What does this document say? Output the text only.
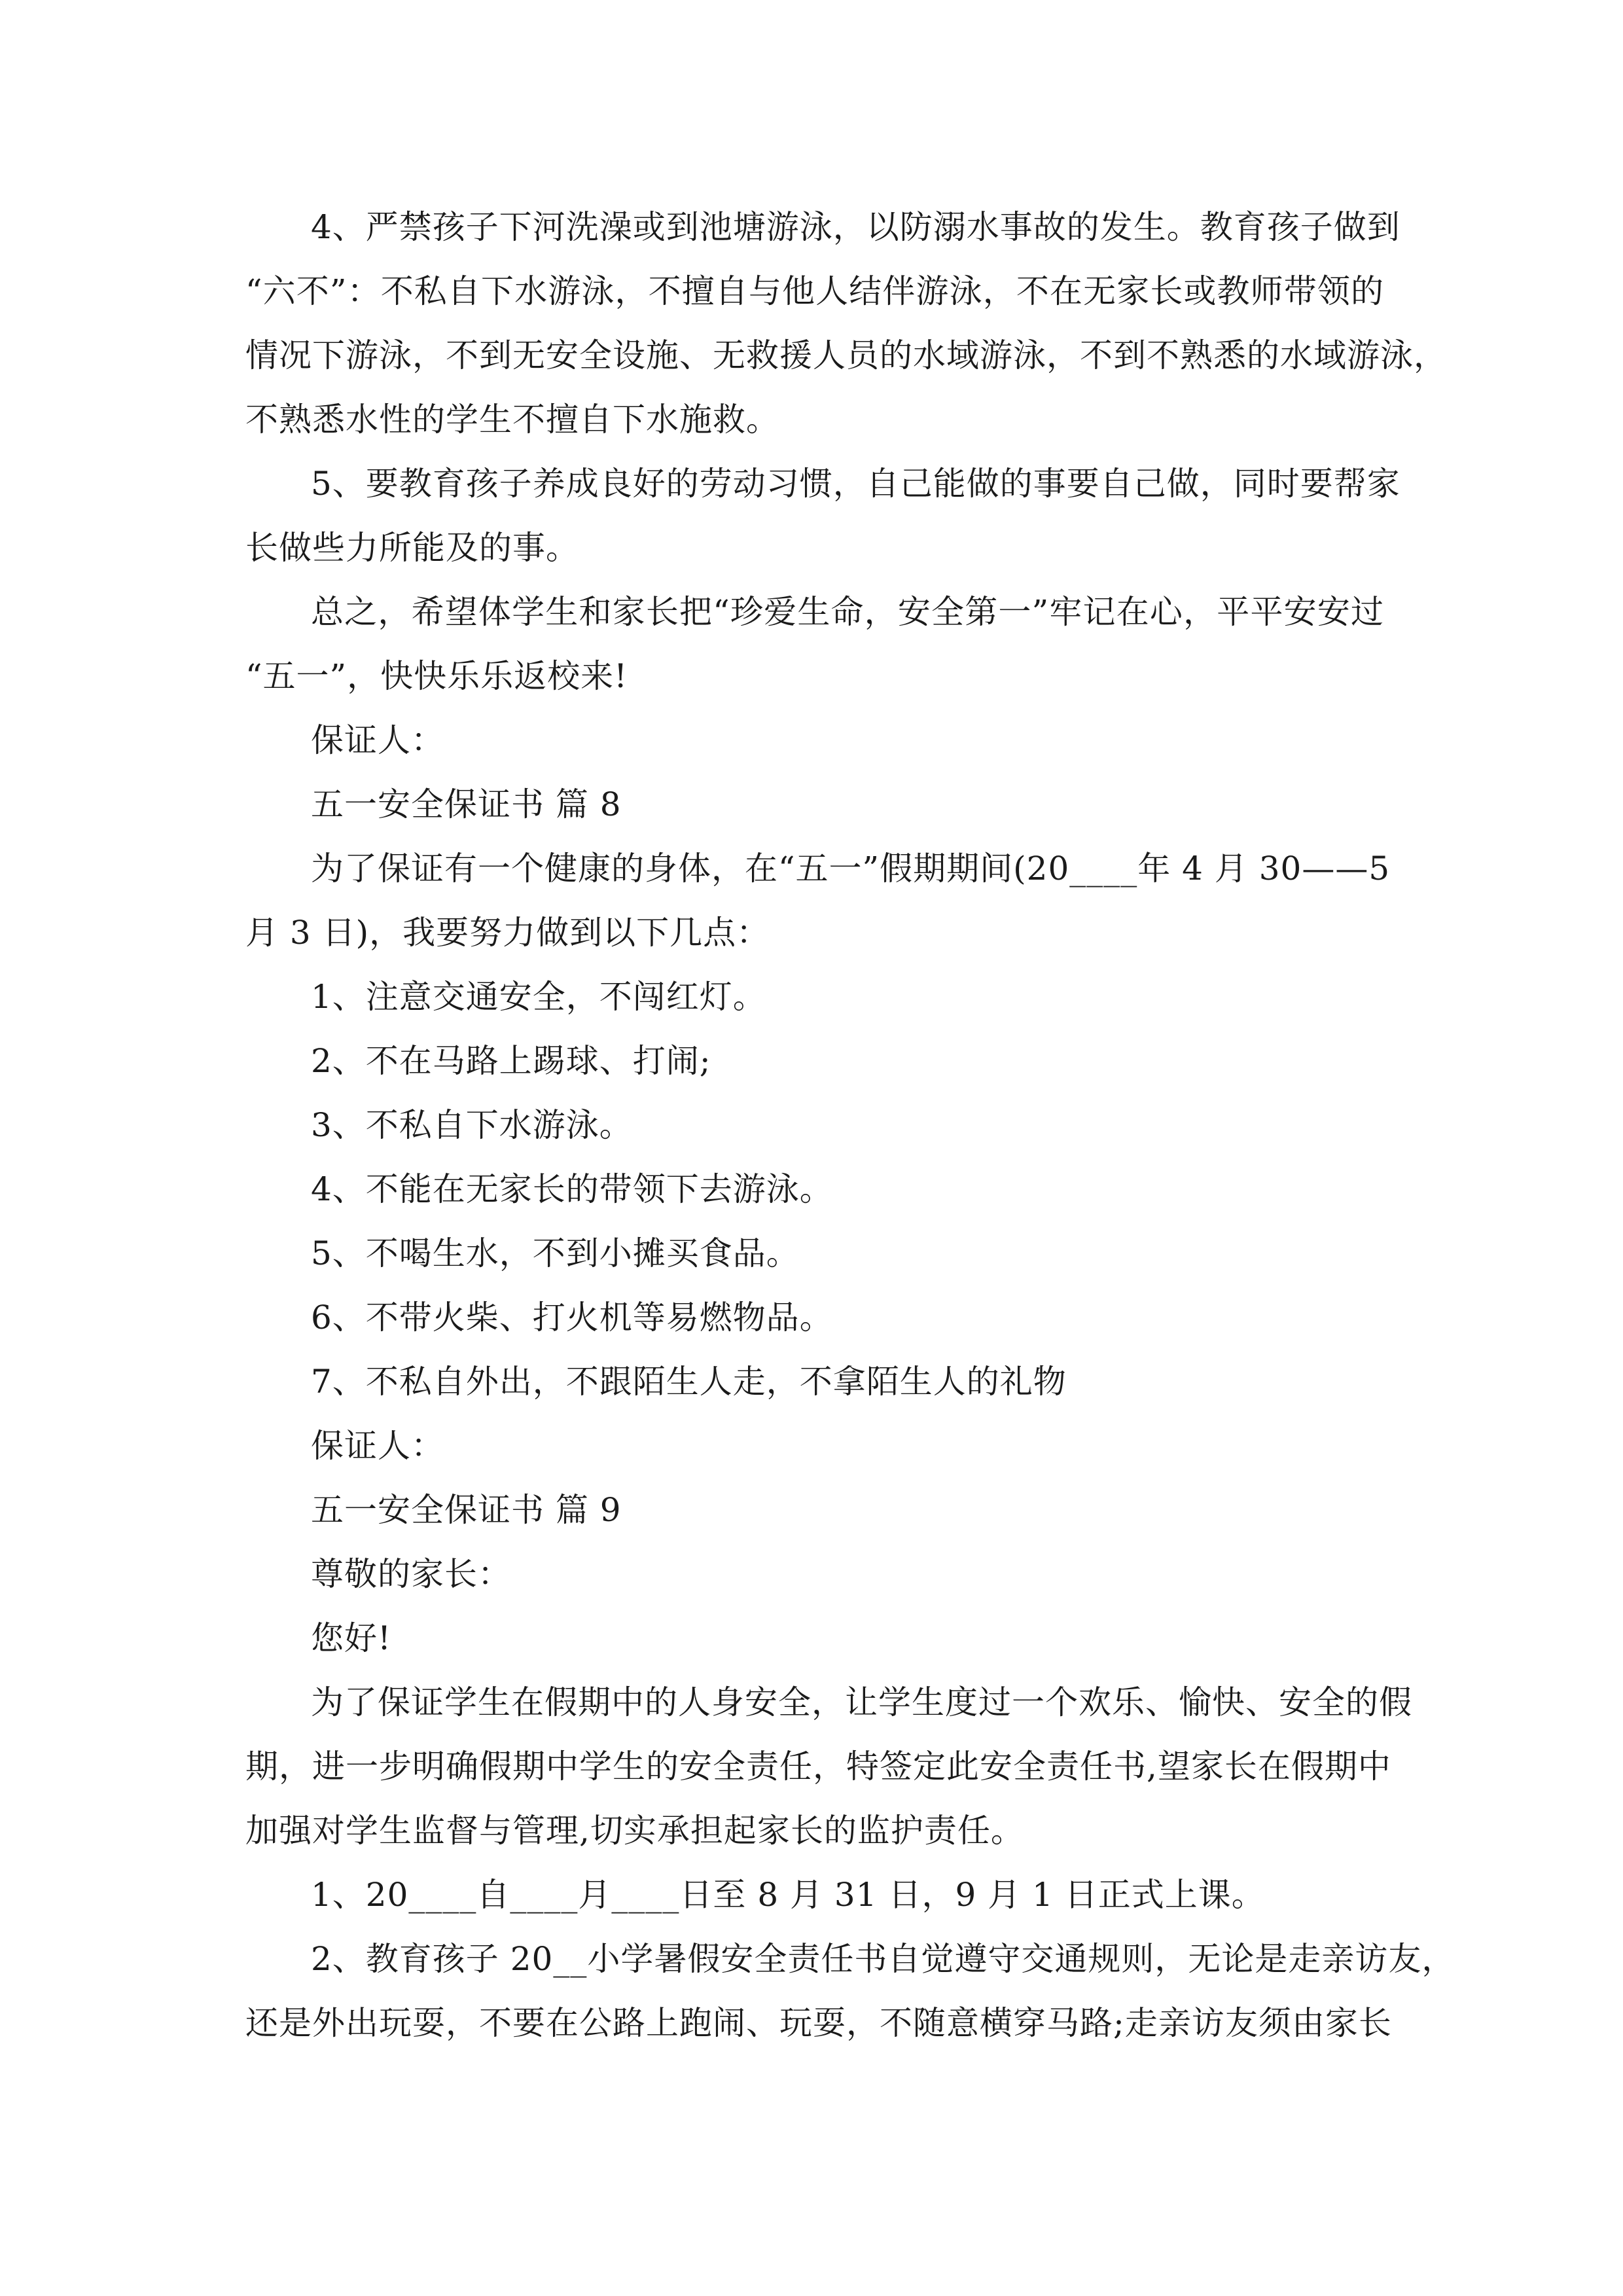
4、严禁孩子下河洗澡或到池塘游泳，以防溺水事故的发生。教育孩子做到
“六不”：不私自下水游泳，不擅自与他人结伴游泳，不在无家长或教师带领的
情况下游泳，不到无安全设施、无救援人员的水域游泳，不到不熟悉的水域游泳，
不熟悉水性的学生不擅自下水施救。
5、要教育孩子养成良好的劳动习惯，自己能做的事要自己做，同时要帮家
长做些力所能及的事。
总之，希望体学生和家长把“珍爱生命，安全第一”牢记在心，平平安安过
“五一”，快快乐乐返校来!
保证人：
五一安全保证书 篇 8
为了保证有一个健康的身体，在“五一”假期期间(20____年 4 月 30——5
月 3 日)，我要努力做到以下几点：
1、注意交通安全，不闯红灯。
2、不在马路上踢球、打闹;
3、不私自下水游泳。
4、不能在无家长的带领下去游泳。
5、不喝生水，不到小摊买食品。
6、不带火柴、打火机等易燃物品。
7、不私自外出，不跟陌生人走，不拿陌生人的礼物
保证人：
五一安全保证书 篇 9
尊敬的家长：
您好!
为了保证学生在假期中的人身安全，让学生度过一个欢乐、愉快、安全的假
期，进一步明确假期中学生的安全责任，特签定此安全责任书,望家长在假期中
加强对学生监督与管理,切实承担起家长的监护责任。
1、20____自____月____日至 8 月 31 日，9 月 1 日正式上课。
2、教育孩子 20__小学暑假安全责任书自觉遵守交通规则，无论是走亲访友，
还是外出玩耍，不要在公路上跑闹、玩耍，不随意横穿马路;走亲访友须由家长
